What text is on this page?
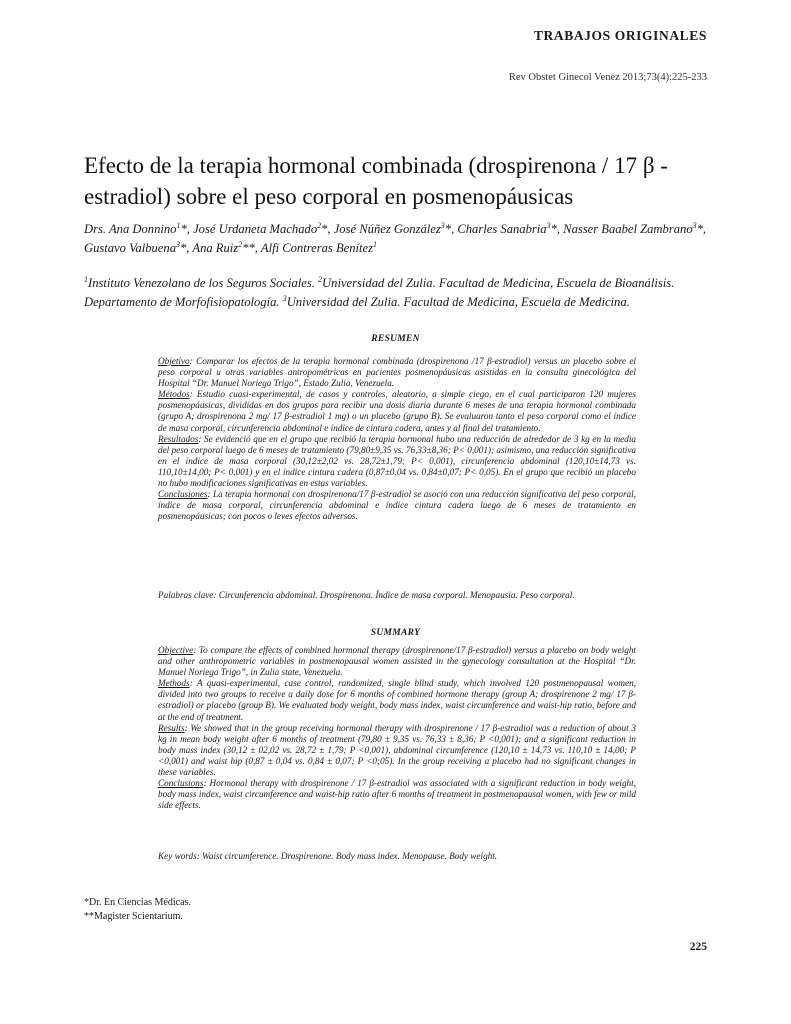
TRABAJOS ORIGINALES
Rev Obstet Ginecol Venez 2013;73(4):225-233
Efecto de la terapia hormonal combinada (drospirenona / 17 β -estradiol) sobre el peso corporal en posmenopáusicas
Drs. Ana Donnino$^1$*, José Urdaneta Machado$^2$*, José Núñez González$^3$*, Charles Sanabria$^3$*, Nasser Baabel Zambrano$^3$*, Gustavo Valbuena$^3$*, Ana Ruiz$^2$**, Alfi Contreras Benítez$^1$
$^1$Instituto Venezolano de los Seguros Sociales. $^2$Universidad del Zulia. Facultad de Medicina, Escuela de Bioanálisis. Departamento de Morfofisiopatología. $^3$Universidad del Zulia. Facultad de Medicina, Escuela de Medicina.
RESUMEN

Objetivo: Comparar los efectos de la terapia hormonal combinada (drospirenona /17 β-estradiol) versus un placebo sobre el peso corporal u otras variables antropométricas en pacientes posmenopáusicas asistidas en la consulta ginecológica del Hospital “Dr. Manuel Noriega Trigo”, Estado Zulia, Venezuela.

Métodos: Estudio cuasi-experimental, de casos y controles, aleatorio, a simple ciego, en el cual participaron 120 mujeres posmenopáusicas, divididas en dos grupos para recibir una dosis diaria durante 6 meses de una terapia hormonal combinada (grupo A; drospirenona 2 mg/ 17 β-estradiol 1 mg) o un placebo (grupo B). Se evaluaron tanto el peso corporal como el índice de masa corporal, circunferencia abdominal e índice de cintura cadera, antes y al final del tratamiento.

Resultados: Se evidenció que en el grupo que recibió la terapia hormonal hubo una reducción de alrededor de 3 kg en la media del peso corporal luego de 6 meses de tratamiento (79,80±9,35 vs. 76,33±8,36; P< 0,001); asimismo, una reducción significativa en el índice de masa corporal (30,12±2,02 vs. 28,72±1,79; P< 0,001), circunferencia abdominal (120,10±14,73 vs. 110,10±14,00; P< 0,001) y en el índice cintura cadera (0,87±0,04 vs. 0,84±0,07; P< 0,05). En el grupo que recibió un placebo no hubo modificaciones significativas en estas variables.

Conclusiones: La terapia hormonal con drospirenona/17 β-estradiol se asoció con una reducción significativa del peso corporal, índice de masa corporal, circunferencia abdominal e índice cintura cadera luego de 6 meses de tratamiento en posmenopáusicas; con pocos o leves efectos adversos.

Palabras clave: Circunferencia abdominal. Drospirenona. Índice de masa corporal. Menopausia. Peso corporal.
SUMMARY

Objective: To compare the effects of combined hormonal therapy (drospirenone/17 β-estradiol) versus a placebo on body weight and other anthropometric variables in postmenopausal women assisted in the gynecology consultation at the Hospital “Dr. Manuel Noriega Trigo”, in Zulia state, Venezuela.

Methods: A quasi-experimental, case control, randomized, single blind study, which involved 120 postmenopausal women, divided into two groups to receive a daily dose for 6 months of combined hormone therapy (group A; drospirenone 2 mg/ 17 β-estradiol) or placebo (group B). We evaluated body weight, body mass index, waist circumference and waist-hip ratio, before and at the end of treatment.

Results: We showed that in the group receiving hormonal therapy with drospirenone / 17 β-estradiol was a reduction of about 3 kg in mean body weight after 6 months of treatment (79,80 ± 9,35 vs. 76,33 ± 8,36; P <0,001); and a significant reduction in body mass index (30,12 ± 02,02 vs. 28,72 ± 1,79; P <0,001), abdominal circumference (120,10 ± 14,73 vs. 110,10 ± 14,00; P <0,001) and waist hip (0,87 ± 0,04 vs. 0,84 ± 0,07; P <0;05). In the group receiving a placebo had no significant changes in these variables.

Conclusions: Hormonal therapy with drospirenone / 17 β-estradiol was associated with a significant reduction in body weight, body mass index, waist circumference and waist-hip ratio after 6 months of treatment in postmenopausal women, with few or mild side effects.

Key words: Waist circumference. Drospirenone. Body mass index. Menopause. Body weight.
*Dr. En Ciencias Médicas.
**Magister Scientarium.
225
